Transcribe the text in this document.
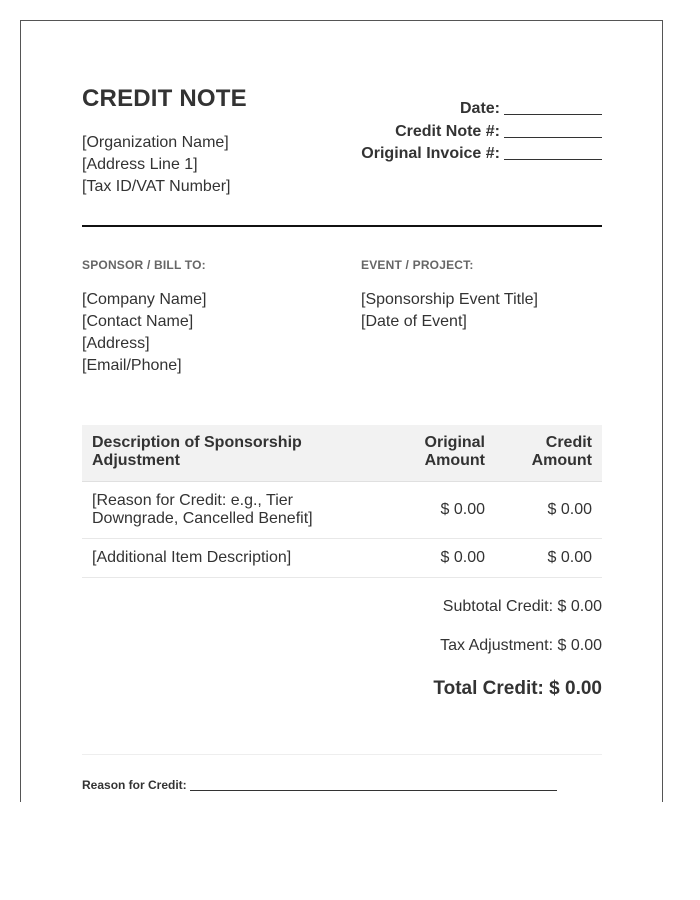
CREDIT NOTE
[Organization Name]
[Address Line 1]
[Tax ID/VAT Number]
Date:
Credit Note #:
Original Invoice #:
SPONSOR / BILL TO:	EVENT / PROJECT:
[Company Name]
[Contact Name]
[Address]
[Email/Phone]
[Sponsorship Event Title]
[Date of Event]
Description of Sponsorship Adjustment	Original Amount	Credit Amount
[Reason for Credit: e.g., Tier Downgrade, Cancelled Benefit]	$ 0.00	$ 0.00
[Additional Item Description]	$ 0.00	$ 0.00
Subtotal Credit: $ 0.00
Tax Adjustment: $ 0.00
Total Credit: $ 0.00
Reason for Credit:
